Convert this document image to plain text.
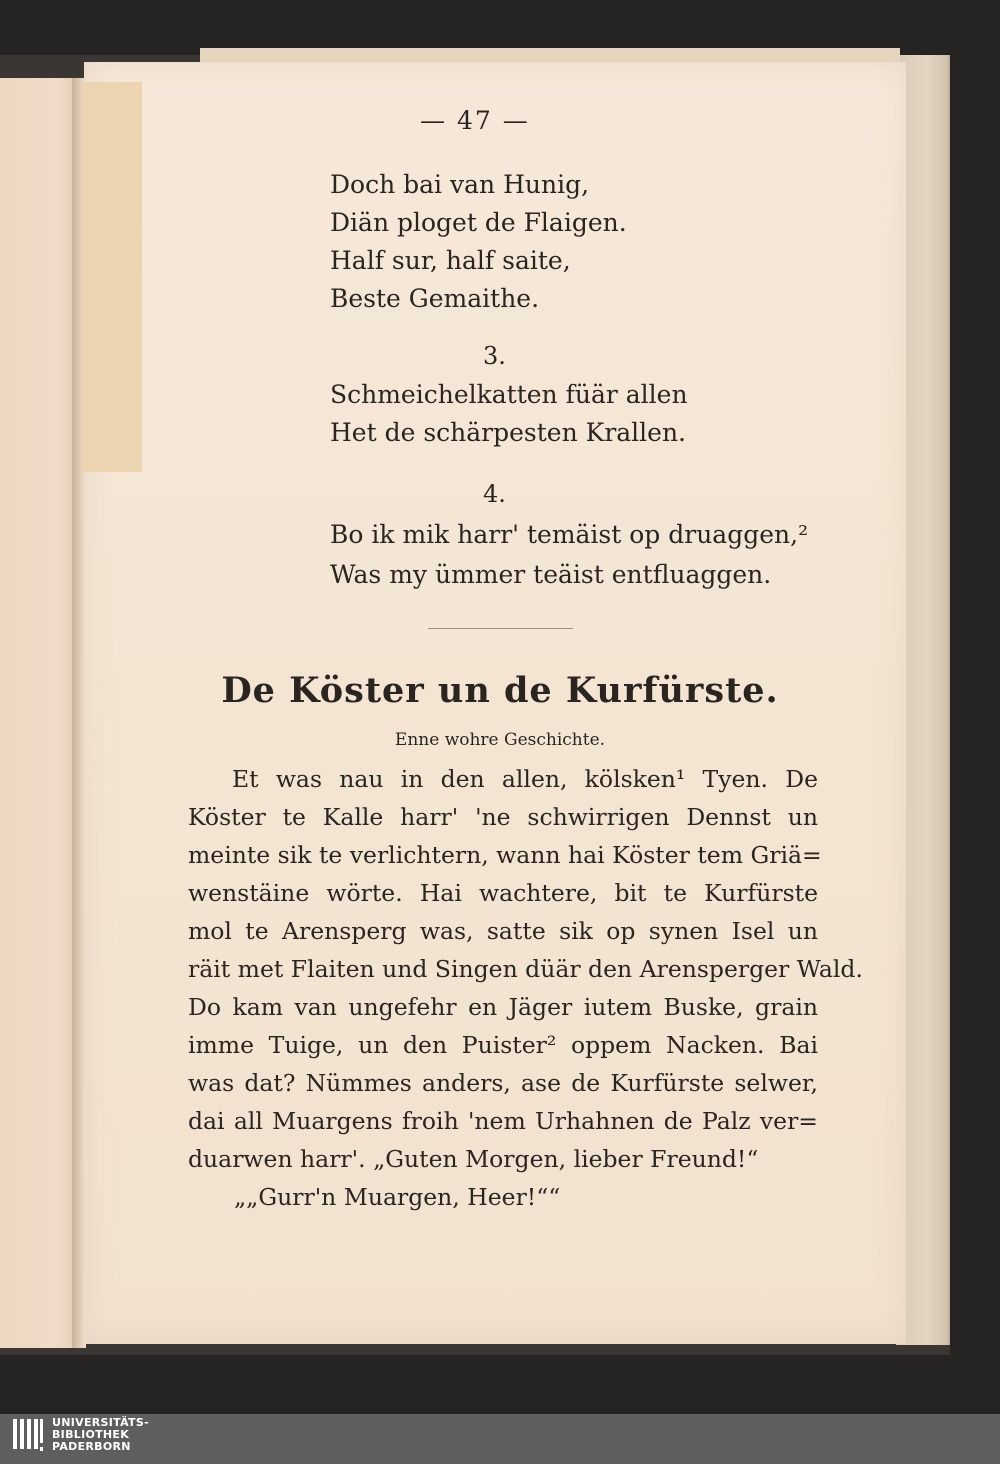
— 47 —
Doch bai van Hunig,
Diän ploget de Flaigen.
Half sur, half saite,
Beste Gemaithe.
3.
Schmeichelkatten füär allen
Het de schärpesten Krallen.
4.
Bo ik mik harr' temäist op druaggen,²
Was my ümmer teäist entfluaggen.
De Köster un de Kurfürste.
Enne wohre Geschichte.
Et was nau in den allen, kölsken¹ Tyen. De
Köster te Kalle harr' 'ne schwirrigen Dennst un
meinte sik te verlichtern, wann hai Köster tem Griä=
wenstäine wörte. Hai wachtere, bit te Kurfürste
mol te Arensperg was, satte sik op synen Isel un
räit met Flaiten und Singen düär den Arensperger Wald.
Do kam van ungefehr en Jäger iutem Buske, grain
imme Tuige, un den Puister² oppem Nacken. Bai
was dat? Nümmes anders, ase de Kurfürste selwer,
dai all Muargens froih 'nem Urhahnen de Palz ver=
duarwen harr'. „Guten Morgen, lieber Freund!“
„„Gurr'n Muargen, Heer!““
UNIVERSITÄTS-
BIBLIOTHEK
PADERBORN
